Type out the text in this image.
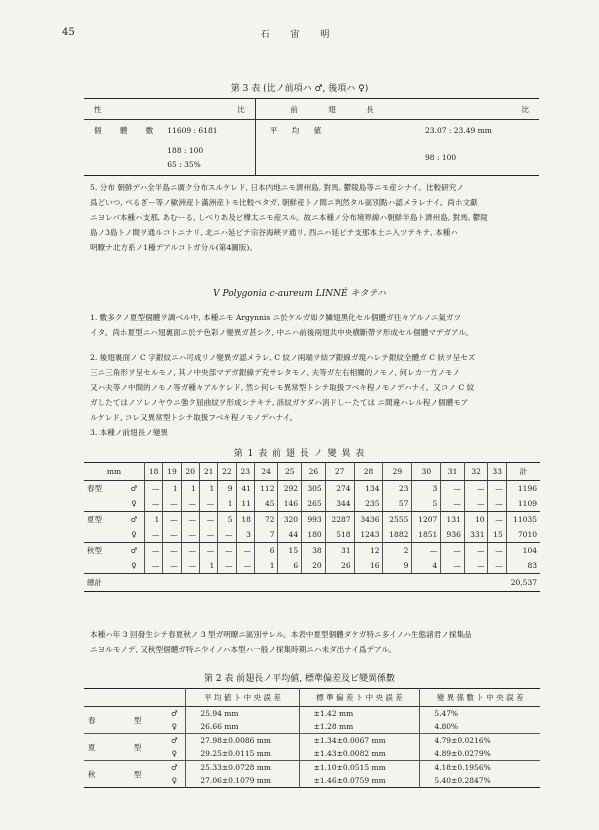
45	石 宙 明
第 3 表 (比ノ前項ハ ♂, 後項ハ ♀)
性	比	前 翅 長	比
個 體 數	11609 : 6181	平 均 値	23.07 : 23.49 mm

	188 : 100
65 : 35%		98 : 100

5. 分布 朝鮮デハ全半島ニ廣ク分布スルケレド, 日本内地ニモ濟州島, 對馬, 鬱陵島等ニモ産シナイ。比較研究ノ

爲どいつ, べるぎー等ノ歐洲産ト滿洲産トモ比較ペタガ, 朝鮮産トノ間ニ判然タル區別點ハ認メラレナイ。尚ホ文獻

ニヨレバ本種ハ支那, あむーる, しべりあ及ビ樺太ニモ産スル。故ニ本種ノ分布境界線ハ朝鮮半島ト濟州島, 對馬, 鬱陵

島ノ3島トノ間ヲ通ルコトニナリ, 北ニハ延ビテ宗谷海峽ヲ通リ, 西ニハ延ビテ支那本土ニ入ツテキテ, 本種ハ

明瞭ナ北方系ノ1種デアルコトガ分ル(第4圖版)。

V Polygonia c-aureum LINNÉ キタテハ

1. 數多クノ夏型個體ヲ調ベル中, 本種ニモ Argynnis ニ於ケルガ如ク鱗翅黑化セル個體ガ往々アルノニ氣ガツ

イタ。尚ホ夏型ニハ翅裏面ニ於テ色彩ノ變異ガ甚シク, 中ニハ前後兩翅共中央横斷帶ヲ形成セル個體マデガアル。

2. 後翅裏面ノ C 字銀紋ニハ可成リノ變異ガ認メラレ, C 紋ノ兩端ヲ結ブ銀線ガ現ハレテ銀紋全體ガ C 狀ヲ呈セズ

三ニ三角形ヲ呈セルモノ, 其ノ中央部マデガ銀線デ充サレタモノ, 夫等ガ左右相關的ノモノ, 何レカ一方ノモノ

又ハ夫等ノ中間的ノモノ等ガ種々アルケレド, 然シ何レモ異常型トシテ取扱フベキ程ノモノデハナイ。又コノ C 紋

ガしたてはノソレノヤウニ強ク屈曲紋ヲ形成シテキテ, 該紋ガケダハ消ドしーたては ニ間違ハレル程ノ個體モア

ルケレド, コレ又異常型トシテ取扱フベキ程ノモノデハナイ。

3. 本種ノ前翅長ノ變異

第 1 表 前 翅 長 ノ 變 異 表
mm		18	19	20	21	22	23	24	25	26	27	28	29	30	31	32	33	計
春型	♂	—	1	1	1	9	41	112	292	305	274	134	23	3	—	—	—	1196
	♀	—	—	—	—	1	11	45	146	265	344	235	57	5	—	—	—	1109
夏型	♂	1	—	—	—	5	18	72	320	993	2287	3436	2555	1207	131	10	—	11035
	♀	—	—	—	—	—	3	7	44	180	518	1243	1882	1851	936	331	15	7010
秋型	♂	—	—	—	—	—	—	6	15	38	31	12	2	—	—	—	—	104
	♀	—	—	—	1	—	—	1	6	20	26	16	9	4	—	—	—	83
總計		20,537																

本種ハ年 3 回發生シテ春夏秋ノ 3 型ガ明瞭ニ區別サレル。本表中夏型個體ダケガ特ニ多イノハ生態諸君ノ採集品

ニヨルモノデ, 又秋型個體ガ特ニ少イノハ本型ハ一般ノ採集時期ニハ未ダ出ナイ爲デアル。

第 2 表 前翅長ノ平均値, 標準偏差及ビ變異係數
		平 均 値 ト 中 央 誤 差	標 準 偏 差 ト 中 央 誤 差	變 異 係 數 ト 中 央 誤 差
春 型	♂	25.94 mm	±1.42 mm	5.47%
	♀	26.66 mm	±1.28 mm	4.80%
夏 型	♂	27.98±0.0086 mm	±1.34±0.0067 mm	4.79±0.0216%
	♀	29.25±0.0115 mm	±1.43±0.0082 mm	4.89±0.0279%
秋 型	♂	25.33±0.0728 mm	±1.10±0.0515 mm	4.18±0.1956%
	♀	27.06±0.1079 mm	±1.46±0.0759 mm	5.40±0.2847%
